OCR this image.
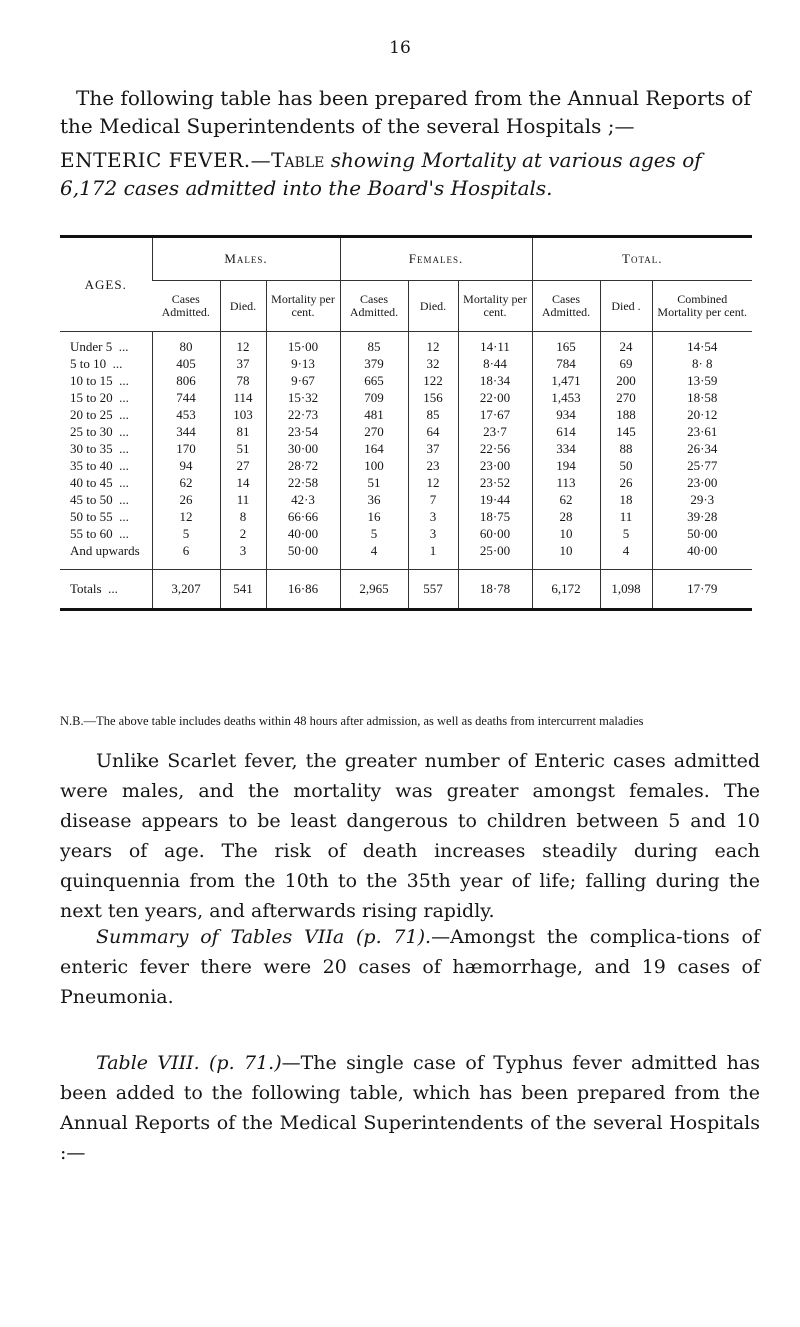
16
The following table has been prepared from the Annual Reports of the Medical Superintendents of the several Hospitals ;—
ENTERIC FEVER.—Table showing Mortality at various ages of 6,172 cases admitted into the Board's Hospitals.
AGES.	Males.			Females.			Total.		
	Cases Admitted.	Died.	Mortality per cent.	Cases Admitted.	Died.	Mortality per cent.	Cases Admitted.	Died .	Combined Mortality per cent.
Under 5  ...	80	12	15·00	85	12	14·11	165	24	14·54
5 to 10  ...	405	37	9·13	379	32	8·44	784	69	8· 8
10 to 15  ...	806	78	9·67	665	122	18·34	1,471	200	13·59
15 to 20  ...	744	114	15·32	709	156	22·00	1,453	270	18·58
20 to 25  ...	453	103	22·73	481	85	17·67	934	188	20·12
25 to 30  ...	344	81	23·54	270	64	23·7	614	145	23·61
30 to 35  ...	170	51	30·00	164	37	22·56	334	88	26·34
35 to 40  ...	94	27	28·72	100	23	23·00	194	50	25·77
40 to 45  ...	62	14	22·58	51	12	23·52	113	26	23·00
45 to 50  ...	26	11	42·3	36	7	19·44	62	18	29·3
50 to 55  ...	12	8	66·66	16	3	18·75	28	11	39·28
55 to 60  ...	5	2	40·00	5	3	60·00	10	5	50·00
And upwards	6	3	50·00	4	1	25·00	10	4	40·00
Totals  ...	3,207	541	16·86	2,965	557	18·78	6,172	1,098	17·79
N.B.—The above table includes deaths within 48 hours after admission, as well as deaths from intercurrent maladies
Unlike Scarlet fever, the greater number of Enteric cases admitted were males, and the mortality was greater amongst females. The disease appears to be least dangerous to children between 5 and 10 years of age. The risk of death increases steadily during each quinquennia from the 10th to the 35th year of life; falling during the next ten years, and afterwards rising rapidly.
Summary of Tables VIIa (p. 71).—Amongst the complica-tions of enteric fever there were 20 cases of hæmorrhage, and 19 cases of Pneumonia.
Table VIII. (p. 71.)—The single case of Typhus fever admitted has been added to the following table, which has been prepared from the Annual Reports of the Medical Superintendents of the several Hospitals :—
